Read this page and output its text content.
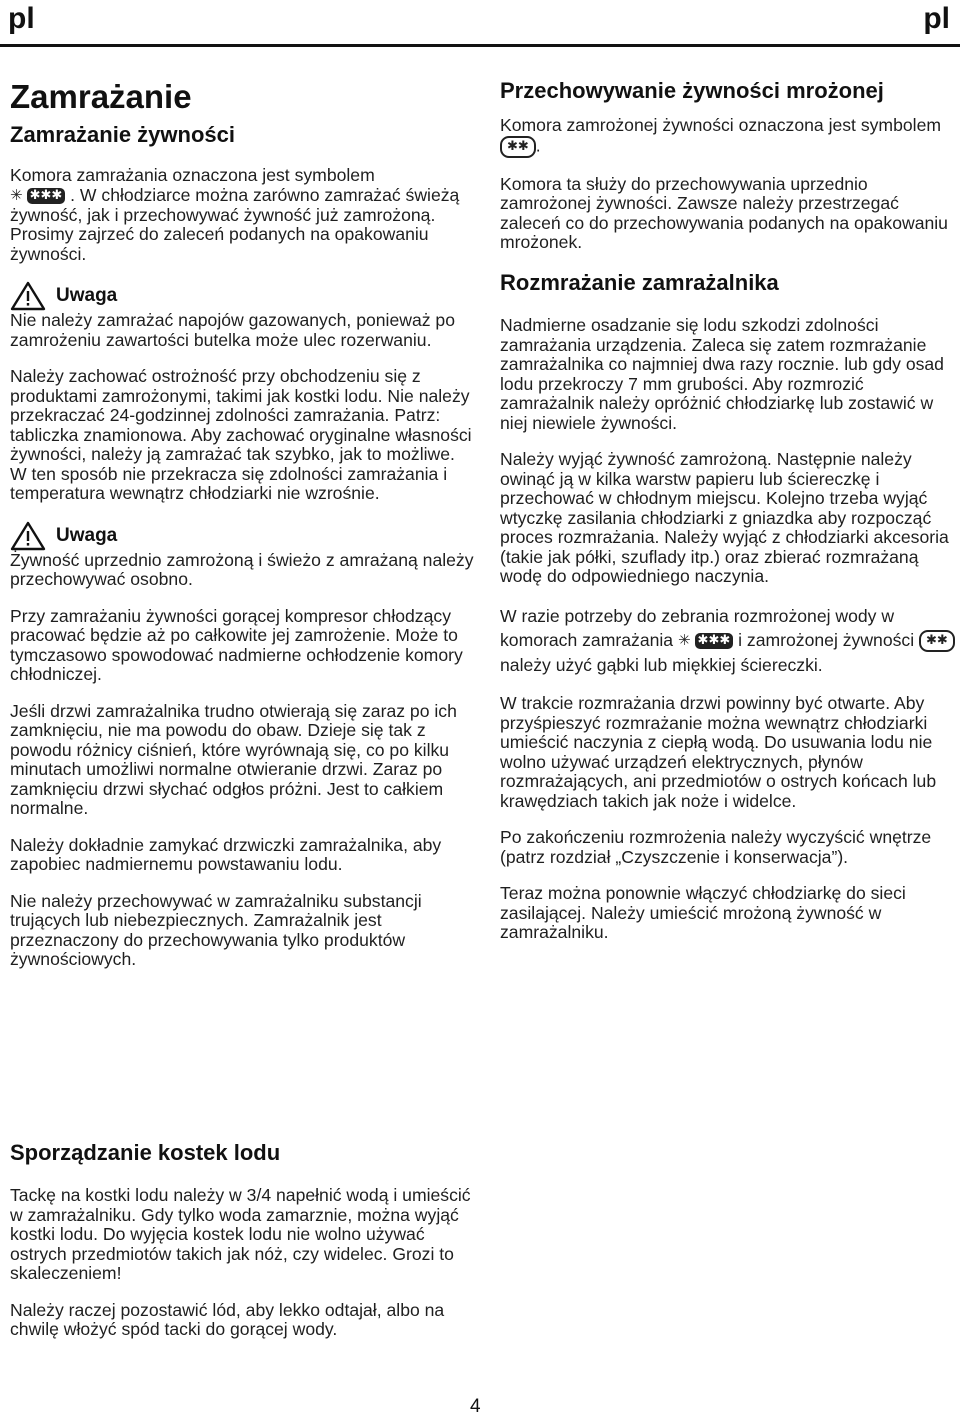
pl	pl
Zamrażanie
Zamrażanie żywności

Komora zamrażania oznaczona jest symbolem
✳ ✱✱✱ . W chłodziarce można zarówno zamrażać świeżą żywność, jak i przechowywać żywność już zamrożoną. Prosimy zajrzeć do zaleceń podanych na opakowaniu żywności.

Uwaga

Nie należy zamrażać napojów gazowanych, ponieważ po zamrożeniu zawartości butelka może ulec rozerwaniu.

Należy zachować ostrożność przy obchodzeniu się z produktami zamrożonymi, takimi jak kostki lodu. Nie należy przekraczać 24-godzinnej zdolności zamrażania. Patrz: tabliczka znamionowa. Aby zachować oryginalne własności żywności, należy ją zamrażać tak szybko, jak to możliwe. W ten sposób nie przekracza się zdolności zamrażania i temperatura wewnątrz chłodziarki nie wzrośnie.

Uwaga

Żywność uprzednio zamrożoną i świeżo z amrażaną należy przechowywać osobno.

Przy zamrażaniu żywności gorącej kompresor chłodzący pracować będzie aż po całkowite jej zamrożenie. Może to tymczasowo spowodować nadmierne ochłodzenie komory chłodniczej.

Jeśli drzwi zamrażalnika trudno otwierają się zaraz po ich zamknięciu, nie ma powodu do obaw. Dzieje się tak z powodu różnicy ciśnień, które wyrównają się, co po kilku minutach umożliwi normalne otwieranie drzwi. Zaraz po zamknięciu drzwi słychać odgłos próżni. Jest to całkiem normalne.

Należy dokładnie zamykać drzwiczki zamrażalnika, aby zapobiec nadmiernemu powstawaniu lodu.

Nie należy przechowywać w zamrażalniku substancji trujących lub niebezpiecznych. Zamrażalnik jest przeznaczony do przechowywania tylko produktów żywnościowych.

Przechowywanie żywności mrożonej

Komora zamrożonej żywności oznaczona jest symbolem ✱✱ .

Komora ta służy do przechowywania uprzednio zamrożonej żywności. Zawsze należy przestrzegać zaleceń co do przechowywania podanych na opakowaniu mrożonek.

Rozmrażanie zamrażalnika

Nadmierne osadzanie się lodu szkodzi zdolności zamrażania urządzenia. Zaleca się zatem rozmrażanie zamrażalnika co najmniej dwa razy rocznie. lub gdy osad lodu przekroczy 7 mm grubości. Aby rozmrozić zamrażalnik należy opróżnić chłodziarkę lub zostawić w niej niewiele żywności.

Należy wyjąć żywność zamrożoną. Następnie należy owinąć ją w kilka warstw papieru lub ściereczkę i przechować w chłodnym miejscu. Kolejno trzeba wyjąć wtyczkę zasilania chłodziarki z gniazdka aby rozpocząć proces rozmrażania. Należy wyjąć z chłodziarki akcesoria (takie jak półki, szuflady itp.) oraz zbierać rozmrażaną wodę do odpowiedniego naczynia.

W razie potrzeby do zebrania rozmrożonej wody w komorach zamrażania ✳ ✱✱✱ i zamrożonej żywności ✱✱ należy użyć gąbki lub miękkiej ściereczki.

W trakcie rozmrażania drzwi powinny być otwarte. Aby przyśpieszyć rozmrażanie można wewnątrz chłodziarki umieścić naczynia z ciepłą wodą. Do usuwania lodu nie wolno używać urządzeń elektrycznych, płynów rozmrażających, ani przedmiotów o ostrych końcach lub krawędziach takich jak noże i widelce.

Po zakończeniu rozmrożenia należy wyczyścić wnętrze (patrz rozdział „Czyszczenie i konserwacja”).

Teraz można ponownie włączyć chłodziarkę do sieci zasilającej. Należy umieścić mrożoną żywność w zamrażalniku.

Sporządzanie kostek lodu

Tackę na kostki lodu należy w 3/4 napełnić wodą i umieścić w zamrażalniku. Gdy tylko woda zamarznie, można wyjąć kostki lodu. Do wyjęcia kostek lodu nie wolno używać ostrych przedmiotów takich jak nóż, czy widelec. Grozi to skaleczeniem!

Należy raczej pozostawić lód, aby lekko odtajał, albo na chwilę włożyć spód tacki do gorącej wody.

4
